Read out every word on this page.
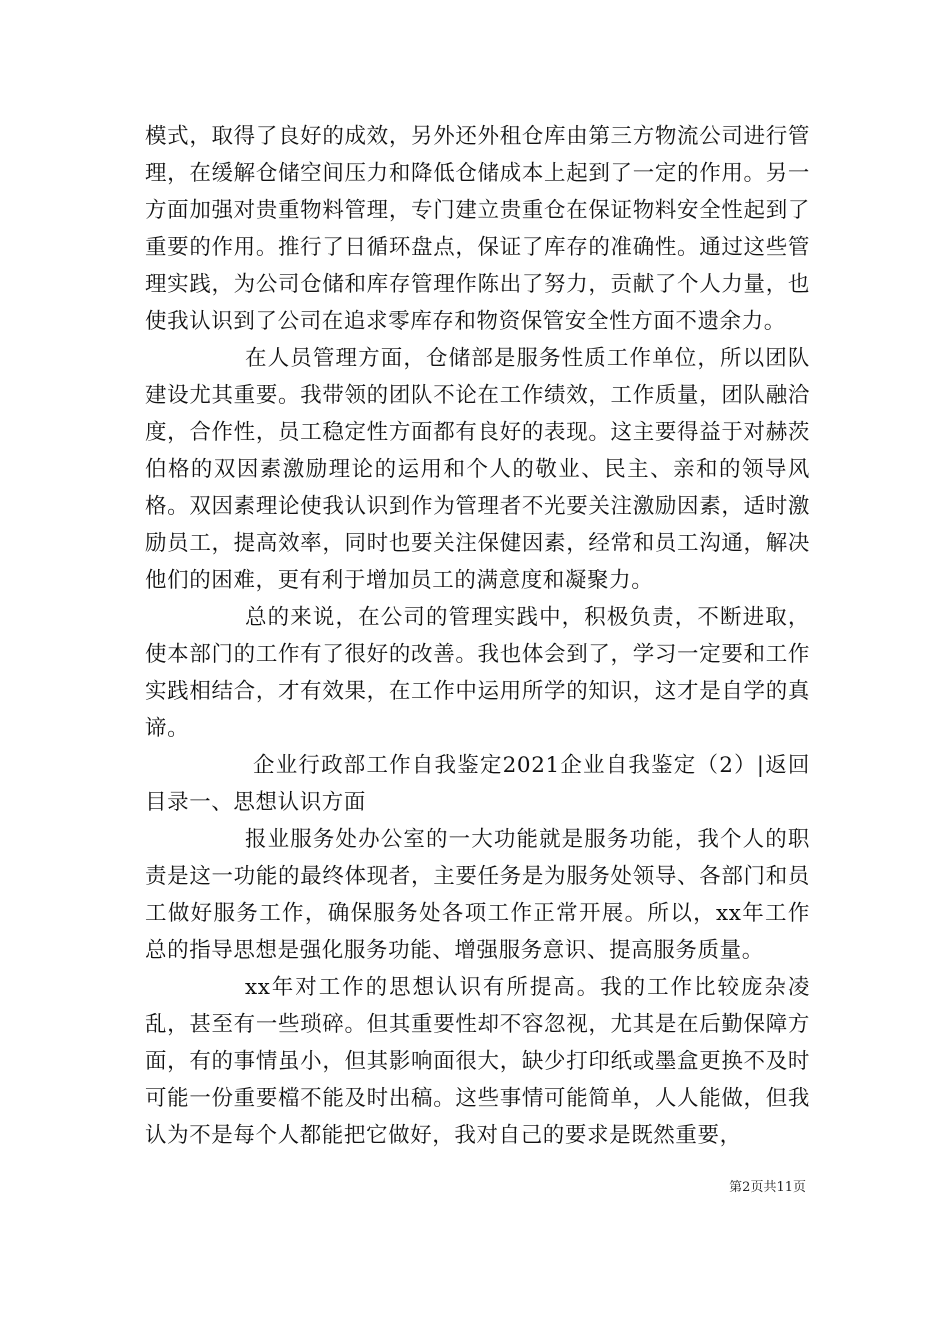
模式，取得了良好的成效，另外还外租仓库由第三方物流公司进行管理，在缓解仓储空间压力和降低仓储成本上起到了一定的作用。另一方面加强对贵重物料管理，专门建立贵重仓在保证物料安全性起到了重要的作用。推行了日循环盘点，保证了库存的准确性。通过这些管理实践，为公司仓储和库存管理作陈出了努力，贡献了个人力量，也使我认识到了公司在追求零库存和物资保管安全性方面不遗余力。

在人员管理方面，仓储部是服务性质工作单位，所以团队建设尤其重要。我带领的团队不论在工作绩效，工作质量，团队融洽度，合作性，员工稳定性方面都有良好的表现。这主要得益于对赫茨伯格的双因素激励理论的运用和个人的敬业、民主、亲和的领导风格。双因素理论使我认识到作为管理者不光要关注激励因素，适时激励员工，提高效率，同时也要关注保健因素，经常和员工沟通，解决他们的困难，更有利于增加员工的满意度和凝聚力。

总的来说，在公司的管理实践中，积极负责，不断进取，使本部门的工作有了很好的改善。我也体会到了，学习一定要和工作实践相结合，才有效果，在工作中运用所学的知识，这才是自学的真谛。

企业行政部工作自我鉴定2021企业自我鉴定（2）|返回目录一、思想认识方面

报业服务处办公室的一大功能就是服务功能，我个人的职责是这一功能的最终体现者，主要任务是为服务处领导、各部门和员工做好服务工作，确保服务处各项工作正常开展。所以，xx年工作总的指导思想是强化服务功能、增强服务意识、提高服务质量。

xx年对工作的思想认识有所提高。我的工作比较庞杂凌乱，甚至有一些琐碎。但其重要性却不容忽视，尤其是在后勤保障方面，有的事情虽小，但其影响面很大，缺少打印纸或墨盒更换不及时可能一份重要檔不能及时出稿。这些事情可能简单，人人能做，但我认为不是每个人都能把它做好，我对自己的要求是既然重要，

第2页共11页
